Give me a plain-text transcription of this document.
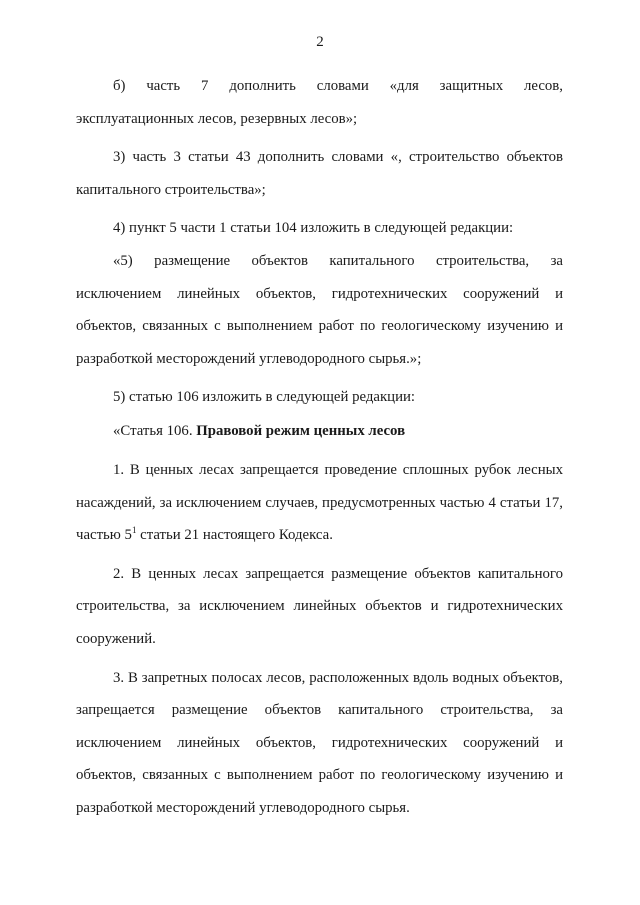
2

б) часть 7 дополнить словами «для защитных лесов, эксплуатационных лесов, резервных лесов»;

3) часть 3 статьи 43 дополнить словами «, строительство объектов капитального строительства»;

4) пункт 5 части 1 статьи 104 изложить в следующей редакции:

«5) размещение объектов капитального строительства, за исключением линейных объектов, гидротехнических сооружений и объектов, связанных с выполнением работ по геологическому изучению и разработкой месторождений углеводородного сырья.»;

5) статью 106 изложить в следующей редакции:

«Статья 106. Правовой режим ценных лесов

1. В ценных лесах запрещается проведение сплошных рубок лесных насаждений, за исключением случаев, предусмотренных частью 4 статьи 17, частью $5^1$ статьи 21 настоящего Кодекса.

2. В ценных лесах запрещается размещение объектов капитального строительства, за исключением линейных объектов и гидротехнических сооружений.

3. В запретных полосах лесов, расположенных вдоль водных объектов, запрещается размещение объектов капитального строительства, за исключением линейных объектов, гидротехнических сооружений и объектов, связанных с выполнением работ по геологическому изучению и разработкой месторождений углеводородного сырья.
